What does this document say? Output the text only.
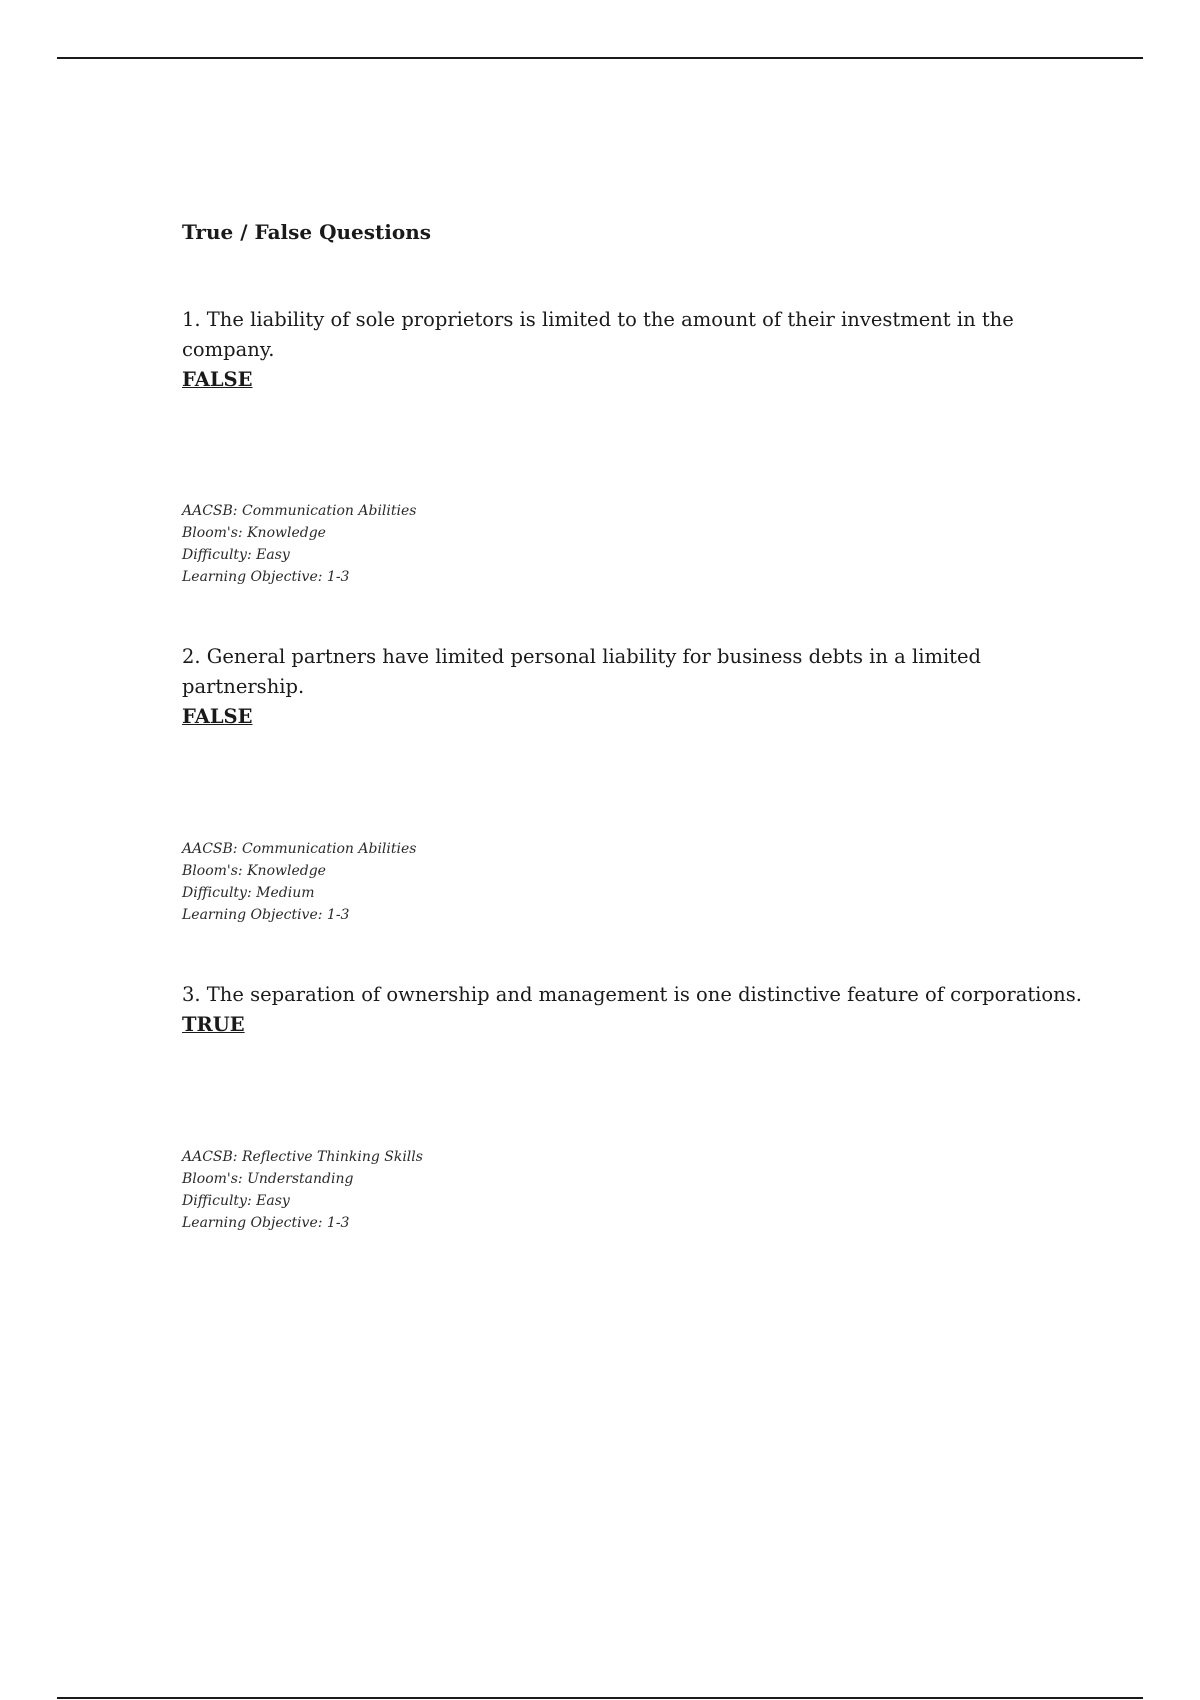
True / False Questions

1. The liability of sole proprietors is limited to the amount of their investment in the company.

FALSE

AACSB: Communication Abilities
Bloom's: Knowledge
Difficulty: Easy
Learning Objective: 1-3

2. General partners have limited personal liability for business debts in a limited partnership.

FALSE

AACSB: Communication Abilities
Bloom's: Knowledge
Difficulty: Medium
Learning Objective: 1-3

3. The separation of ownership and management is one distinctive feature of corporations.

TRUE

AACSB: Reflective Thinking Skills
Bloom's: Understanding
Difficulty: Easy
Learning Objective: 1-3
